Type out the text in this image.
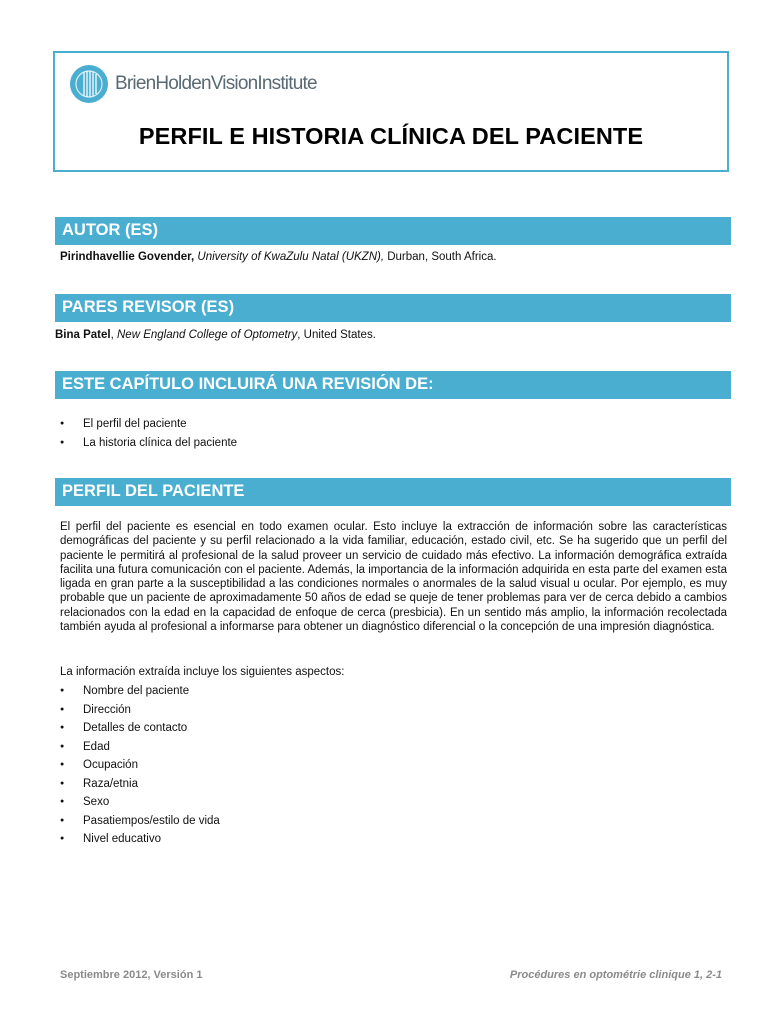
BrienHoldenVisionInstitute
PERFIL E HISTORIA CLÍNICA DEL PACIENTE
AUTOR (ES)
Pirindhavellie Govender, University of KwaZulu Natal (UKZN), Durban, South Africa.
PARES REVISOR (ES)
Bina Patel, New England College of Optometry, United States.
ESTE CAPÍTULO INCLUIRÁ UNA REVISIÓN DE:
● El perfil del paciente
● La historia clínica del paciente
PERFIL DEL PACIENTE

El perfil del paciente es esencial en todo examen ocular. Esto incluye la extracción de información sobre las características demográficas del paciente y su perfil relacionado a la vida familiar, educación, estado civil, etc. Se ha sugerido que un perfil del paciente le permitirá al profesional de la salud proveer un servicio de cuidado más efectivo. La información demográfica extraída facilita una futura comunicación con el paciente. Además, la importancia de la información adquirida en esta parte del examen esta ligada en gran parte a la susceptibilidad a las condiciones normales o anormales de la salud visual u ocular. Por ejemplo, es muy probable que un paciente de aproximadamente 50 años de edad se queje de tener problemas para ver de cerca debido a cambios relacionados con la edad en la capacidad de enfoque de cerca (presbicia). En un sentido más amplio, la información recolectada también ayuda al profesional a informarse para obtener un diagnóstico diferencial o la concepción de una impresión diagnóstica.

La información extraída incluye los siguientes aspectos:
● Nombre del paciente
● Dirección
● Detalles de contacto
● Edad
● Ocupación
● Raza/etnia
● Sexo
● Pasatiempos/estilo de vida
● Nivel educativo
Septiembre 2012, Versión 1	Procédures en optométrie clinique 1, 2-1
